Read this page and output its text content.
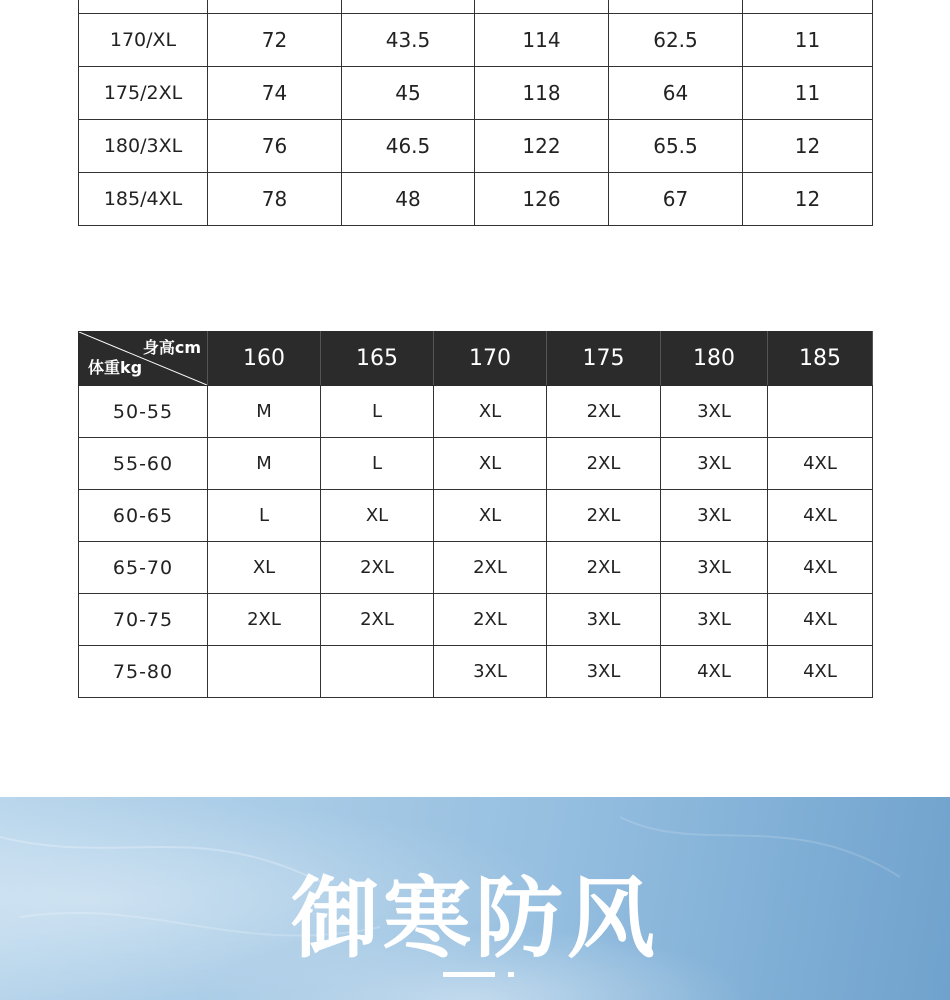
170/XL	72	43.5	114	62.5	11
175/2XL	74	45	118	64	11
180/3XL	76	46.5	122	65.5	12
185/4XL	78	48	126	67	12
身高cm
体重kg	160	165	170	175	180	185
50-55	M	L	XL	2XL	3XL	
55-60	M	L	XL	2XL	3XL	4XL
60-65	L	XL	XL	2XL	3XL	4XL
65-70	XL	2XL	2XL	2XL	3XL	4XL
70-75	2XL	2XL	2XL	3XL	3XL	4XL
75-80			3XL	3XL	4XL	4XL
御寒防风
